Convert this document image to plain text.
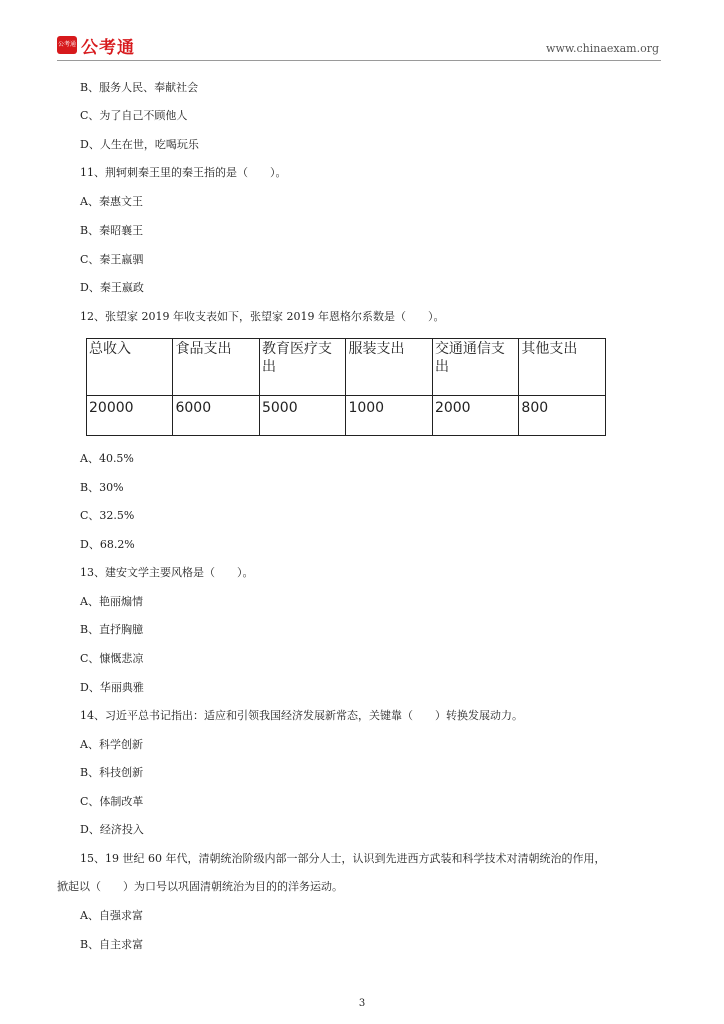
公考通 公考通	www.chinaexam.org
B、服务人民、奉献社会
C、为了自己不顾他人
D、人生在世，吃喝玩乐
11、荆轲刺秦王里的秦王指的是（　　）。
A、秦惠文王
B、秦昭襄王
C、秦王嬴驷
D、秦王嬴政
12、张望家 2019 年收支表如下，张望家 2019 年恩格尔系数是（　　）。
总收入	食品支出	教育医疗支出	服装支出	交通通信支出	其他支出
20000	6000	5000	1000	2000	800
A、40.5%
B、30%
C、32.5%
D、68.2%
13、建安文学主要风格是（　　）。
A、艳丽煽情
B、直抒胸臆
C、慷慨悲凉
D、华丽典雅
14、习近平总书记指出：适应和引领我国经济发展新常态，关键靠（　　）转换发展动力。
A、科学创新
B、科技创新
C、体制改革
D、经济投入
15、19 世纪 60 年代，清朝统治阶级内部一部分人士，认识到先进西方武装和科学技术对清朝统治的作用，
掀起以（　　）为口号以巩固清朝统治为目的的洋务运动。
A、自强求富
B、自主求富
3
